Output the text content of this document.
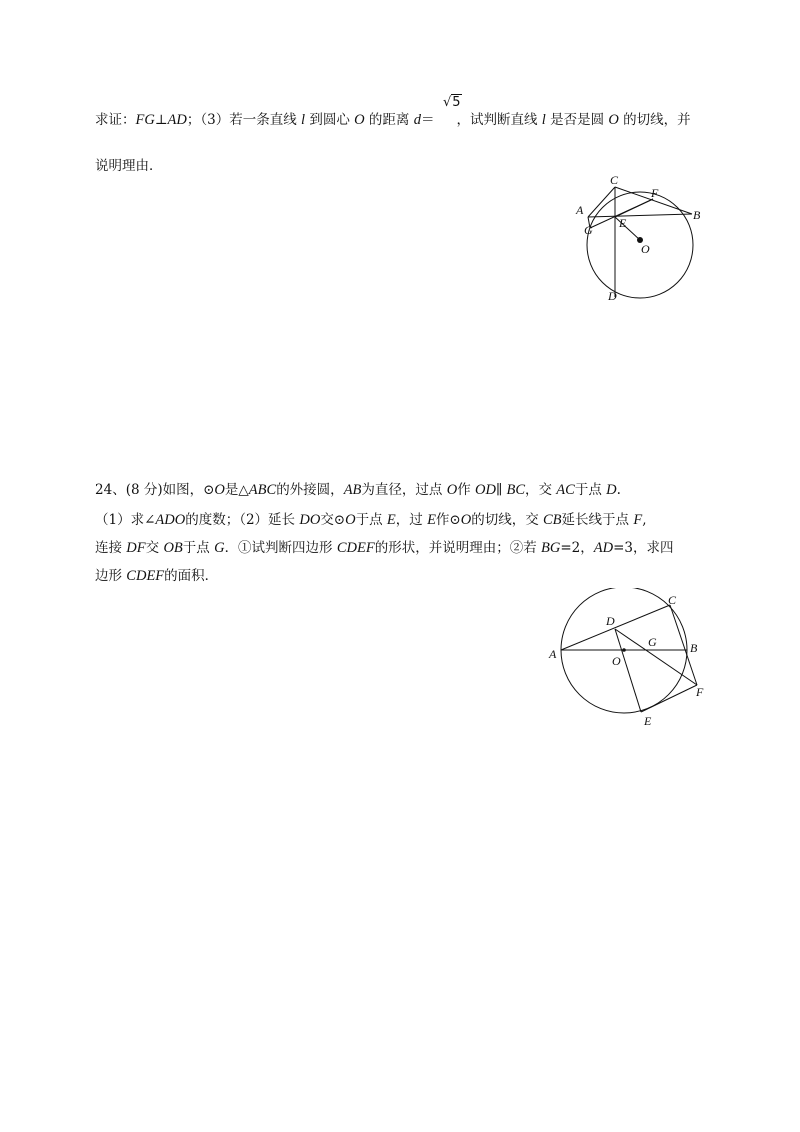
求证：FG⊥AD；（3）若一条直线 l 到圆心 O 的距离 d＝ ，试判断直线 l 是否是圆 O 的切线，并
√5
说明理由．
C
F
A	B
E
G
O
D
24、(8 分)如图，⊙O是△ABC的外接圆，AB为直径，过点 O作 OD∥ BC，交 AC于点 D.
（1）求∠ADO的度数；（2）延长 DO交⊙O于点 E，过 E作⊙O的切线，交 CB延长线于点 F,
连接 DF交 OB于点 G．①试判断四边形 CDEF的形状，并说明理由；②若 BG=2，AD=3，求四
边形 CDEF的面积．
C
D
G
A	B
O
F
E
